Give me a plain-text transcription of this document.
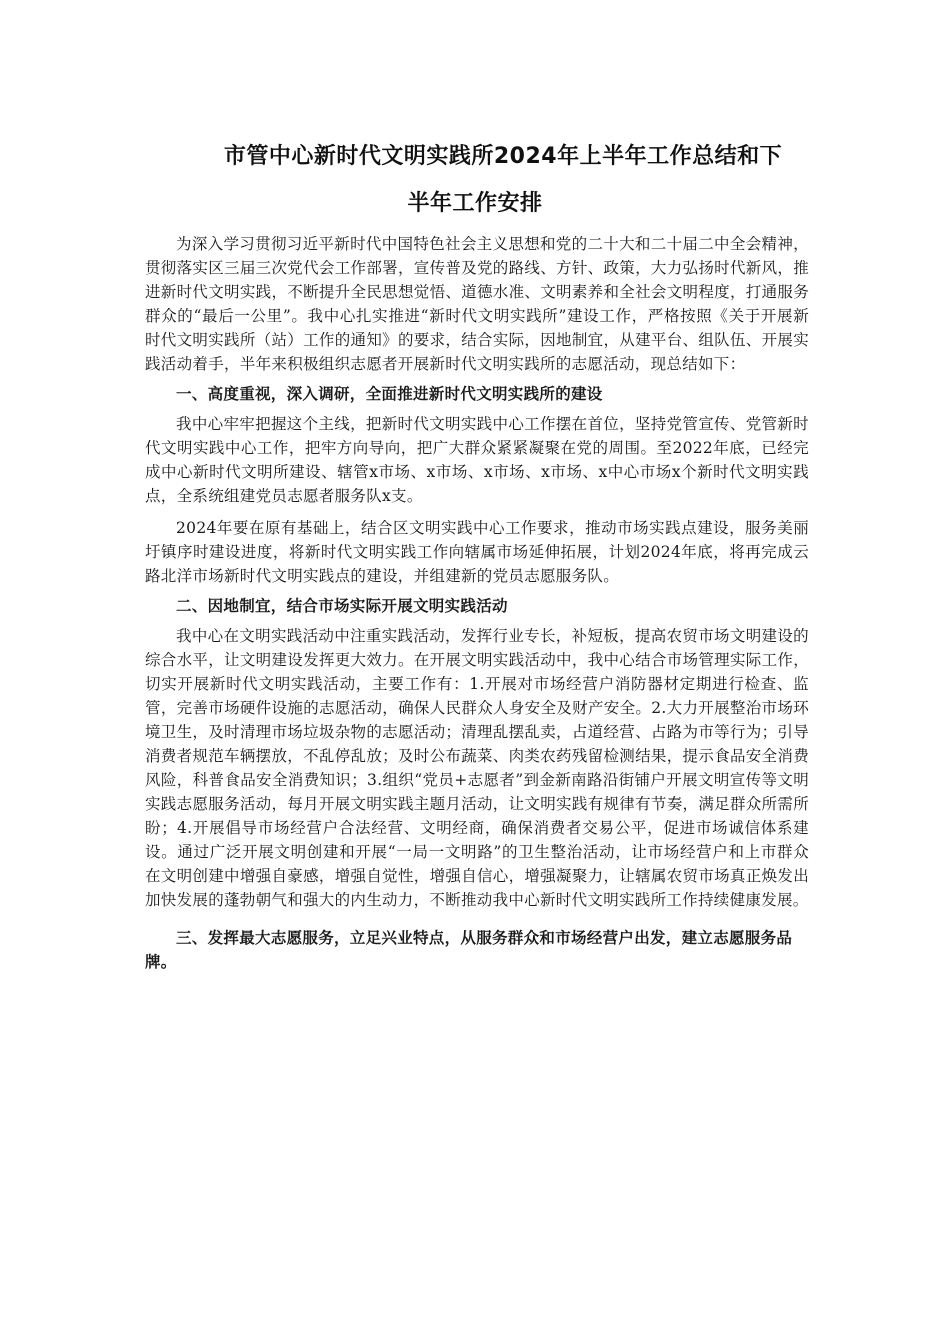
市管中心新时代文明实践所2024年上半年工作总结和下
半年工作安排

为深入学习贯彻习近平新时代中国特色社会主义思想和党的二十大和二十届二中全会精神，贯彻落实区三届三次党代会工作部署，宣传普及党的路线、方针、政策，大力弘扬时代新风，推进新时代文明实践，不断提升全民思想觉悟、道德水准、文明素养和全社会文明程度，打通服务群众的“最后一公里”。我中心扎实推进“新时代文明实践所”建设工作，严格按照《关于开展新时代文明实践所（站）工作的通知》的要求，结合实际，因地制宜，从建平台、组队伍、开展实践活动着手，半年来积极组织志愿者开展新时代文明实践所的志愿活动，现总结如下：

一、高度重视，深入调研，全面推进新时代文明实践所的建设

我中心牢牢把握这个主线，把新时代文明实践中心工作摆在首位，坚持党管宣传、党管新时代文明实践中心工作，把牢方向导向，把广大群众紧紧凝聚在党的周围。至2022年底，已经完成中心新时代文明所建设、辖管x市场、x市场、x市场、x市场、x中心市场x个新时代文明实践点，全系统组建党员志愿者服务队x支。

2024年要在原有基础上，结合区文明实践中心工作要求，推动市场实践点建设，服务美丽圩镇序时建设进度，将新时代文明实践工作向辖属市场延伸拓展，计划2024年底，将再完成云路北洋市场新时代文明实践点的建设，并组建新的党员志愿服务队。

二、因地制宜，结合市场实际开展文明实践活动

我中心在文明实践活动中注重实践活动，发挥行业专长，补短板，提高农贸市场文明建设的综合水平，让文明建设发挥更大效力。在开展文明实践活动中，我中心结合市场管理实际工作，切实开展新时代文明实践活动，主要工作有：1.开展对市场经营户消防器材定期进行检查、监管，完善市场硬件设施的志愿活动，确保人民群众人身安全及财产安全。2.大力开展整治市场环境卫生，及时清理市场垃圾杂物的志愿活动；清理乱摆乱卖，占道经营、占路为市等行为；引导消费者规范车辆摆放，不乱停乱放；及时公布蔬菜、肉类农药残留检测结果，提示食品安全消费风险，科普食品安全消费知识；3.组织“党员+志愿者”到金新南路沿街铺户开展文明宣传等文明实践志愿服务活动，每月开展文明实践主题月活动，让文明实践有规律有节奏，满足群众所需所盼；4.开展倡导市场经营户合法经营、文明经商，确保消费者交易公平，促进市场诚信体系建设。通过广泛开展文明创建和开展“一局一文明路”的卫生整治活动，让市场经营户和上市群众在文明创建中增强自豪感，增强自觉性，增强自信心，增强凝聚力，让辖属农贸市场真正焕发出加快发展的蓬勃朝气和强大的内生动力，不断推动我中心新时代文明实践所工作持续健康发展。

三、发挥最大志愿服务，立足兴业特点，从服务群众和市场经营户出发，建立志愿服务品牌。
